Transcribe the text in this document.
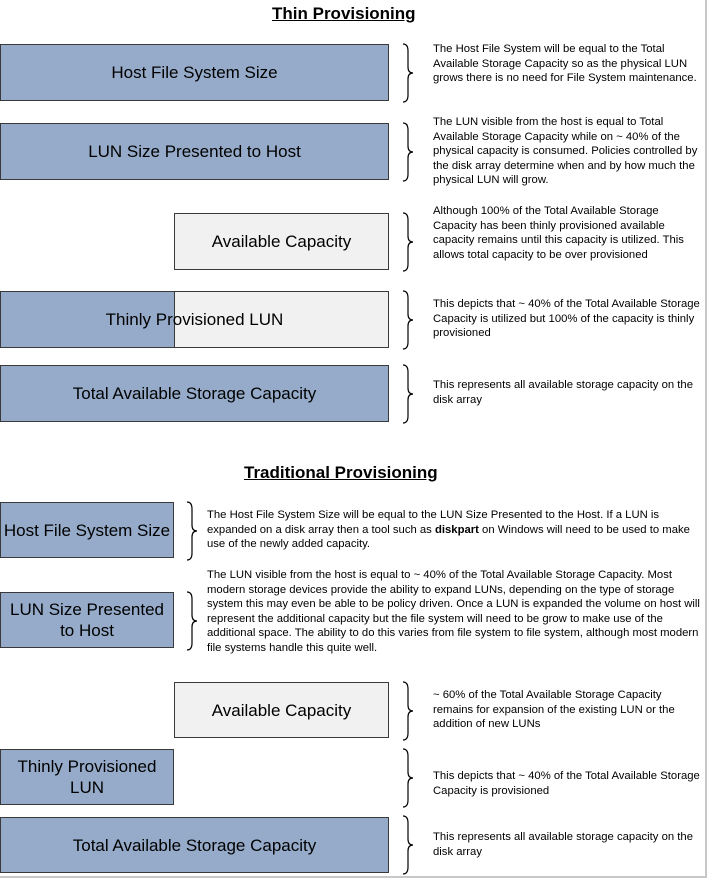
Thin Provisioning
Host File System Size
LUN Size Presented to Host
Available Capacity
Thinly Provisioned LUN
Total Available Storage Capacity
The Host File System will be equal to the Total Available Storage Capacity so as the physical LUN grows there is no need for File System maintenance.
The LUN visible from the host is equal to Total Available Storage Capacity while on ~ 40% of the physical capacity is consumed. Policies controlled by the disk array determine when and by how much the physical LUN will grow.
Although 100% of the Total Available Storage Capacity has been thinly provisioned available capacity remains until this capacity is utilized. This allows total capacity to be over provisioned
This depicts that ~ 40% of the Total Available Storage Capacity is utilized but 100% of the capacity is thinly provisioned
This represents all available storage capacity on the disk array
Traditional Provisioning
Host File System Size
LUN Size Presented to Host
Available Capacity
Thinly Provisioned LUN
Total Available Storage Capacity
The Host File System Size will be equal to the LUN Size Presented to the Host. If a LUN is expanded on a disk array then a tool such as diskpart on Windows will need to be used to make use of the newly added capacity.
The LUN visible from the host is equal to ~ 40% of the Total Available Storage Capacity. Most modern storage devices provide the ability to expand LUNs, depending on the type of storage system this may even be able to be policy driven. Once a LUN is expanded the volume on host will represent the additional capacity but the file system will need to be grow to make use of the additional space. The ability to do this varies from file system to file system, although most modern file systems handle this quite well.
~ 60% of the Total Available Storage Capacity remains for expansion of the existing LUN or the addition of new LUNs
This depicts that ~ 40% of the Total Available Storage Capacity is provisioned
This represents all available storage capacity on the disk array
